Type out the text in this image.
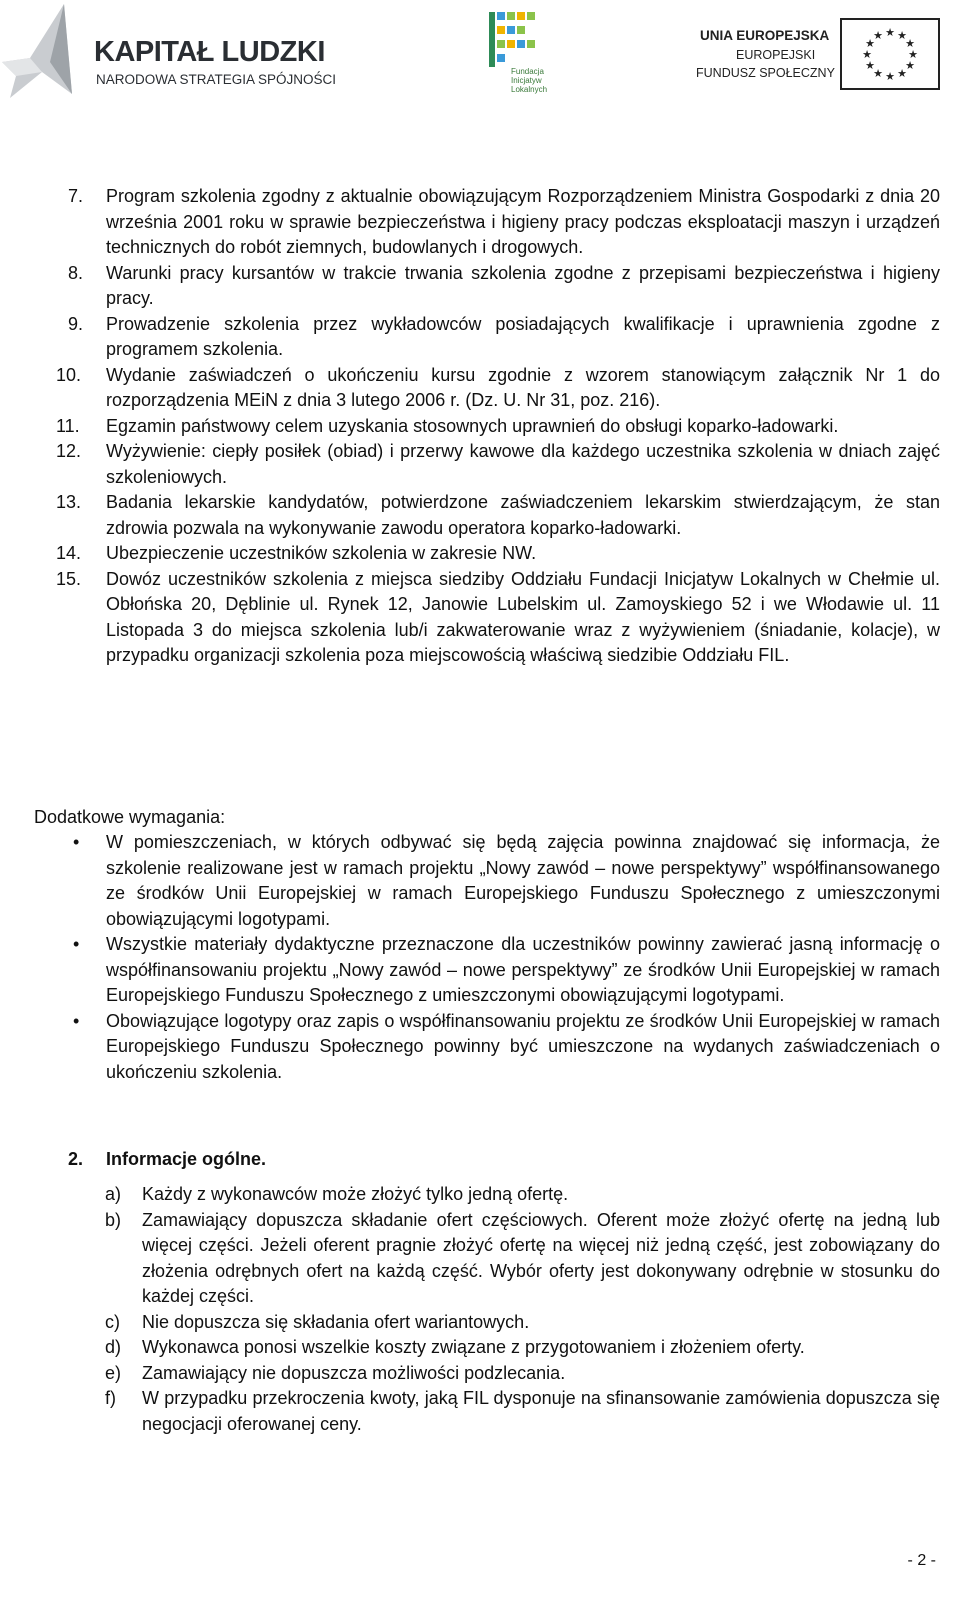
KAPITAŁ LUDZKI
NARODOWA STRATEGIA SPÓJNOŚCI
Fundacja Inicjatyw Lokalnych
UNIA EUROPEJSKA
EUROPEJSKI
FUNDUSZ SPOŁECZNY
★ ★
★
★
★
★
★
★
★
★
★
★
7. Program szkolenia zgodny z aktualnie obowiązującym Rozporządzeniem Ministra Gospodarki z dnia 20 września 2001 roku w sprawie bezpieczeństwa i higieny pracy podczas eksploatacji maszyn i urządzeń technicznych do robót ziemnych, budowlanych i drogowych.
8. Warunki pracy kursantów w trakcie trwania szkolenia zgodne z przepisami bezpieczeństwa i higieny pracy.
9. Prowadzenie szkolenia przez wykładowców posiadających kwalifikacje i uprawnienia zgodne z programem szkolenia.
10. Wydanie zaświadczeń o ukończeniu kursu zgodnie z wzorem stanowiącym załącznik Nr 1 do rozporządzenia MEiN z dnia 3 lutego 2006 r. (Dz. U. Nr 31, poz. 216).
11. Egzamin państwowy celem uzyskania stosownych uprawnień do obsługi koparko-ładowarki.
12. Wyżywienie: ciepły posiłek (obiad) i przerwy kawowe dla każdego uczestnika szkolenia w dniach zajęć szkoleniowych.
13. Badania lekarskie kandydatów, potwierdzone zaświadczeniem lekarskim stwierdzającym, że stan zdrowia pozwala na wykonywanie zawodu operatora koparko-ładowarki.
14. Ubezpieczenie uczestników szkolenia w zakresie NW.
15. Dowóz uczestników szkolenia z miejsca siedziby Oddziału Fundacji Inicjatyw Lokalnych w Chełmie ul. Obłońska 20, Dęblinie ul. Rynek 12, Janowie Lubelskim ul. Zamoyskiego 52 i we Włodawie ul. 11 Listopada 3 do miejsca szkolenia lub/i zakwaterowanie wraz z wyżywieniem (śniadanie, kolacje), w przypadku organizacji szkolenia poza miejscowością właściwą siedzibie Oddziału FIL.
Dodatkowe wymagania:
• W pomieszczeniach, w których odbywać się będą zajęcia powinna znajdować się informacja, że szkolenie realizowane jest w ramach projektu „Nowy zawód – nowe perspektywy” współfinansowanego ze środków Unii Europejskiej w ramach Europejskiego Funduszu Społecznego z umieszczonymi obowiązującymi logotypami.
• Wszystkie materiały dydaktyczne przeznaczone dla uczestników powinny zawierać jasną informację o współfinansowaniu projektu „Nowy zawód – nowe perspektywy” ze środków Unii Europejskiej w ramach Europejskiego Funduszu Społecznego z umieszczonymi obowiązującymi logotypami.
• Obowiązujące logotypy oraz zapis o współfinansowaniu projektu ze środków Unii Europejskiej w ramach Europejskiego Funduszu Społecznego powinny być umieszczone na wydanych zaświadczeniach o ukończeniu szkolenia.
2. Informacje ogólne.
a) Każdy z wykonawców może złożyć tylko jedną ofertę.
b) Zamawiający dopuszcza składanie ofert częściowych. Oferent może złożyć ofertę na jedną lub więcej części. Jeżeli oferent pragnie złożyć ofertę na więcej niż jedną część, jest zobowiązany do złożenia odrębnych ofert na każdą część. Wybór oferty jest dokonywany odrębnie w stosunku do każdej części.
c) Nie dopuszcza się składania ofert wariantowych.
d) Wykonawca ponosi wszelkie koszty związane z przygotowaniem i złożeniem oferty.
e) Zamawiający nie dopuszcza możliwości podzlecania.
f) W przypadku przekroczenia kwoty, jaką FIL dysponuje na sfinansowanie zamówienia dopuszcza się negocjacji oferowanej ceny.
- 2 -
